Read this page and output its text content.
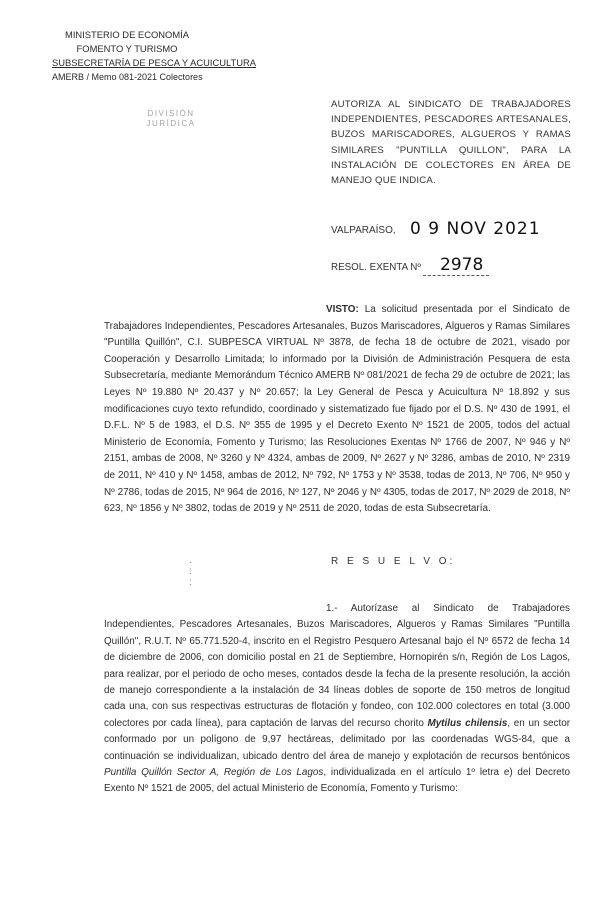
MINISTERIO DE ECONOMÍA
FOMENTO Y TURISMO
SUBSECRETARÍA DE PESCA Y ACUICULTURA
AMERB / Memo 081-2021 Colectores
DIVISIÓN
JURÍDICA
AUTORIZA AL SINDICATO DE TRABAJADORES INDEPENDIENTES, PESCADORES ARTESANALES, BUZOS MARISCADORES, ALGUEROS Y RAMAS SIMILARES "PUNTILLA QUILLON", PARA LA INSTALACIÓN DE COLECTORES EN ÁREA DE MANEJO QUE INDICA.
VALPARAÍSO, 0 9 NOV 2021
RESOL. EXENTA Nº 2978
VISTO: La solicitud presentada por el Sindicato de Trabajadores Independientes, Pescadores Artesanales, Buzos Mariscadores, Algueros y Ramas Similares "Puntilla Quillón", C.I. SUBPESCA VIRTUAL Nº 3878, de fecha 18 de octubre de 2021, visado por Cooperación y Desarrollo Limitada; lo informado por la División de Administración Pesquera de esta Subsecretaría, mediante Memorándum Técnico AMERB Nº 081/2021 de fecha 29 de octubre de 2021; las Leyes Nº 19.880 Nº 20.437 y Nº 20.657; la Ley General de Pesca y Acuicultura Nº 18.892 y sus modificaciones cuyo texto refundido, coordinado y sistematizado fue fijado por el D.S. Nº 430 de 1991, el D.F.L. Nº 5 de 1983, el D.S. Nº 355 de 1995 y el Decreto Exento Nº 1521 de 2005, todos del actual Ministerio de Economía, Fomento y Turismo; las Resoluciones Exentas Nº 1766 de 2007, Nº 946 y Nº 2151, ambas de 2008, Nº 3260 y Nº 4324, ambas de 2009, Nº 2627 y Nº 3286, ambas de 2010, Nº 2319 de 2011, Nº 410 y Nº 1458, ambas de 2012, Nº 792, Nº 1753 y Nº 3538, todas de 2013, Nº 706, Nº 950 y Nº 2786, todas de 2015, Nº 964 de 2016, Nº 127, Nº 2046 y Nº 4305, todas de 2017, Nº 2029 de 2018, Nº 623, Nº 1856 y Nº 3802, todas de 2019 y Nº 2511 de 2020, todas de esta Subsecretaría.
.
:
:
R E S U E L V O:
1.- Autorízase al Sindicato de Trabajadores Independientes, Pescadores Artesanales, Buzos Mariscadores, Algueros y Ramas Similares "Puntilla Quillón", R.U.T. Nº 65.771.520-4, inscrito en el Registro Pesquero Artesanal bajo el Nº 6572 de fecha 14 de diciembre de 2006, con domicilio postal en 21 de Septiembre, Hornopirén s/n, Región de Los Lagos, para realizar, por el periodo de ocho meses, contados desde la fecha de la presente resolución, la acción de manejo correspondiente a la instalación de 34 líneas dobles de soporte de 150 metros de longitud cada una, con sus respectivas estructuras de flotación y fondeo, con 102.000 colectores en total (3.000 colectores por cada línea), para captación de larvas del recurso chorito Mytilus chilensis, en un sector conformado por un polígono de 9,97 hectáreas, delimitado por las coordenadas WGS-84, que a continuación se individualizan, ubicado dentro del área de manejo y explotación de recursos bentónicos Puntilla Quillón Sector A, Región de Los Lagos, individualizada en el artículo 1º letra e) del Decreto Exento Nº 1521 de 2005, del actual Ministerio de Economía, Fomento y Turismo:
